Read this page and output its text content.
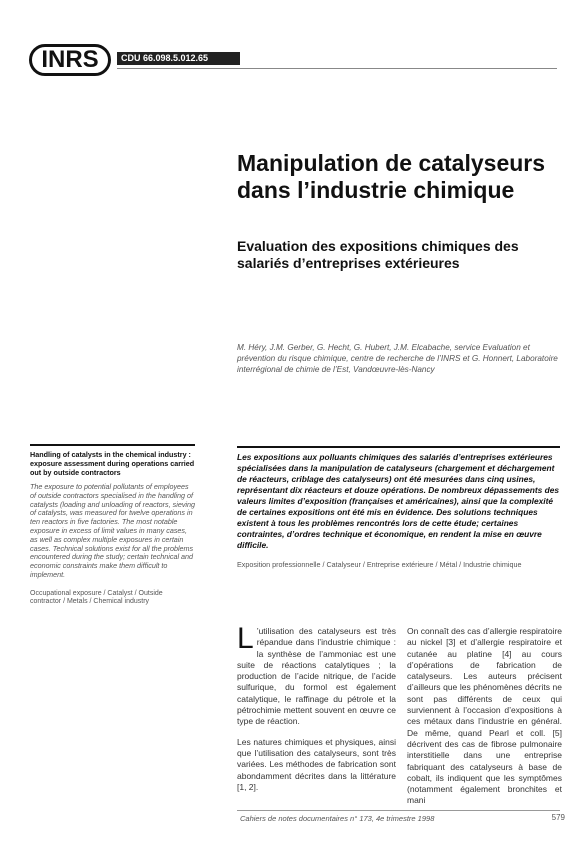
INRS	CDU 66.098.5.012.65
Manipulation de catalyseurs dans l’industrie chimique
Evaluation des expositions chimiques des salariés d’entreprises extérieures
M. Héry, J.M. Gerber, G. Hecht, G. Hubert, J.M. Elcabache, service Evaluation et prévention du risque chimique, centre de recherche de l’INRS et G. Honnert, Laboratoire interrégional de chimie de l’Est, Vandœuvre-lès-Nancy

Handling of catalysts in the chemical industry : exposure assessment during operations carried out by outside contractors

The exposure to potential pollutants of employees of outside contractors specialised in the handling of catalysts (loading and unloading of reactors, sieving of catalysts, was measured for twelve operations in ten reactors in five factories. The most notable exposure in excess of limit values in many cases, as well as complex multiple exposures in certain cases. Technical solutions exist for all the problems encountered during the study; certain technical and economic constraints make them difficult to implement.

Occupational exposure / Catalyst / Outside contractor / Metals / Chemical industry

Les expositions aux polluants chimiques des salariés d’entreprises extérieures spécialisées dans la manipulation de catalyseurs (chargement et déchargement de réacteurs, criblage des catalyseurs) ont été mesurées dans cinq usines, représentant dix réacteurs et douze opérations. De nombreux dépassements des valeurs limites d’exposition (françaises et américaines), ainsi que la complexité de certaines expositions ont été mis en évidence. Des solutions techniques existent à tous les problèmes rencontrés lors de cette étude; certaines contraintes, d’ordres technique et économique, en rendent la mise en œuvre difficile.

Exposition professionnelle / Catalyseur / Entreprise extérieure / Métal / Industrie chimique

L ’utilisation des catalyseurs est très répandue dans l’industrie chimique : la synthèse de l’ammoniac est une suite de réactions catalytiques ; la production de l’acide nitrique, de l’acide sulfurique, du formol est également catalytique, le raffinage du pétrole et la pétrochimie mettent souvent en œuvre ce type de réaction.

Les natures chimiques et physiques, ainsi que l’utilisation des catalyseurs, sont très variées. Les méthodes de fabrication sont abondamment décrites dans la littérature [1, 2].

On connaît des cas d’allergie respiratoire au nickel [3] et d’allergie respiratoire et cutanée au platine [4] au cours d’opérations de fabrication de catalyseurs. Les auteurs précisent d’ailleurs que les phénomènes décrits ne sont pas différents de ceux qui surviennent à l’occasion d’expositions à ces métaux dans l’industrie en général. De même, quand Pearl et coll. [5] décrivent des cas de fibrose pulmonaire interstitielle dans une entreprise fabriquant des catalyseurs à base de cobalt, ils indiquent que les symptômes (notamment également bronchites et mani

Cahiers de notes documentaires n° 173, 4e trimestre 1998	579
